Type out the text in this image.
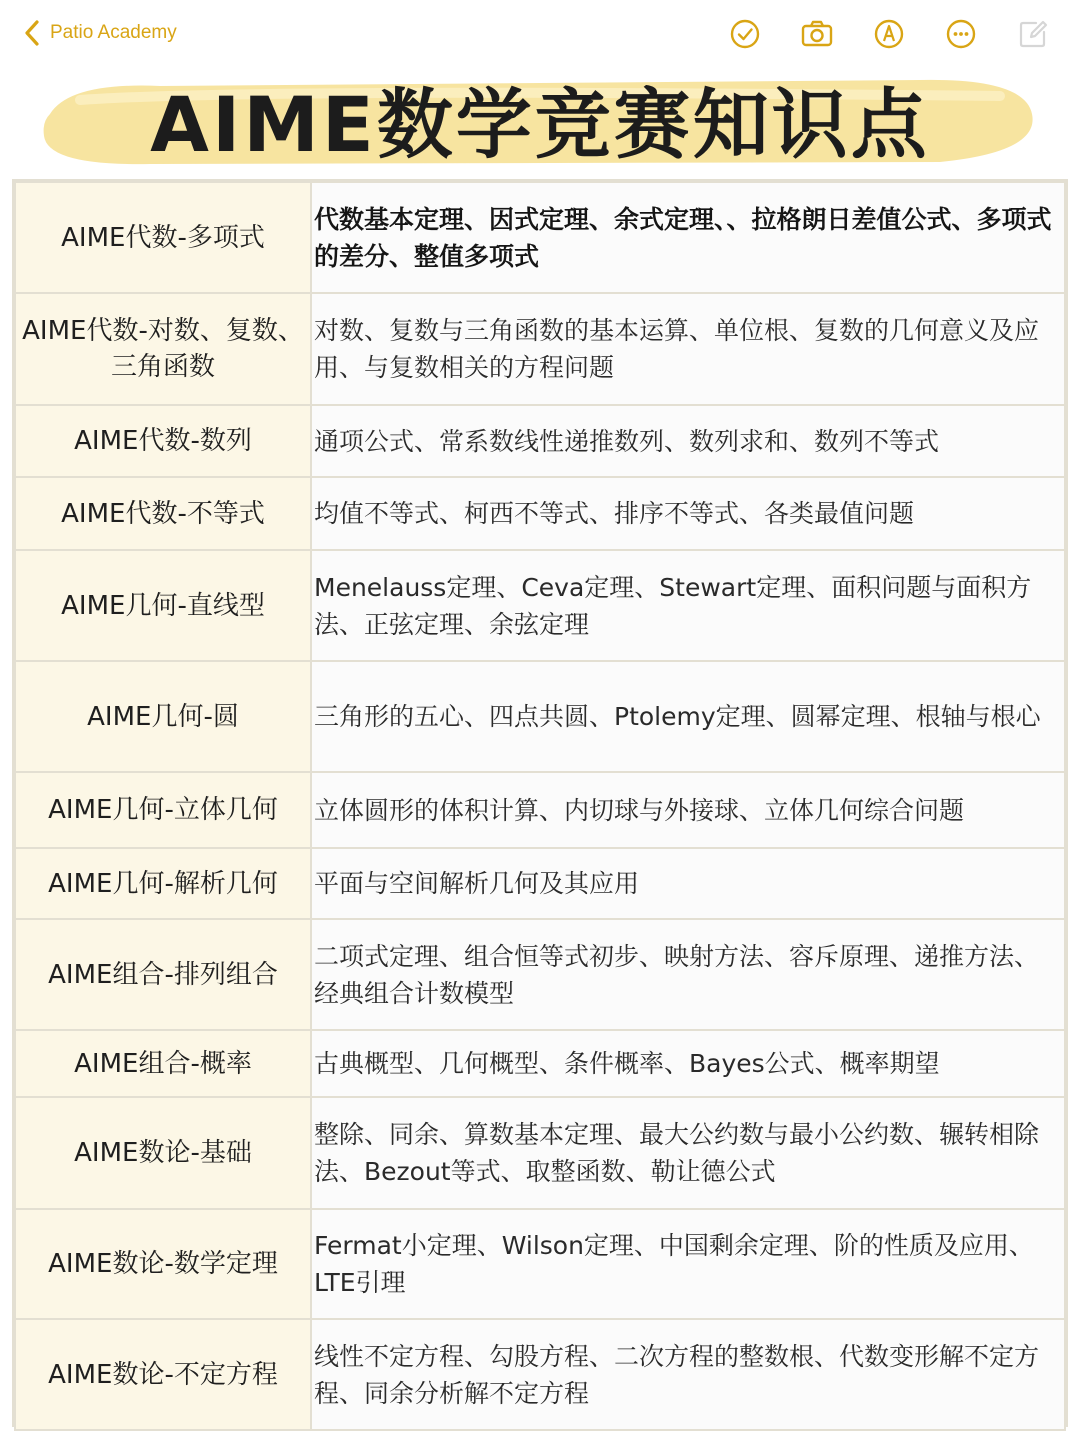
Patio Academy
AIME数学竞赛知识点
AIME代数-多项式	代数基本定理、因式定理、余式定理、、拉格朗日差值公式、多项式的差分、整值多项式
AIME代数-对数、复数、三角函数	对数、复数与三角函数的基本运算、单位根、复数的几何意义及应用、与复数相关的方程问题
AIME代数-数列	通项公式、常系数线性递推数列、数列求和、数列不等式
AIME代数-不等式	均值不等式、柯西不等式、排序不等式、各类最值问题
AIME几何-直线型	Menelauss定理、Ceva定理、Stewart定理、面积问题与面积方法、正弦定理、余弦定理
AIME几何-圆	三角形的五心、四点共圆、Ptolemy定理、圆幂定理、根轴与根心
AIME几何-立体几何	立体圆形的体积计算、内切球与外接球、立体几何综合问题
AIME几何-解析几何	平面与空间解析几何及其应用
AIME组合-排列组合	二项式定理、组合恒等式初步、映射方法、容斥原理、递推方法、经典组合计数模型
AIME组合-概率	古典概型、几何概型、条件概率、Bayes公式、概率期望
AIME数论-基础	整除、同余、算数基本定理、最大公约数与最小公约数、辗转相除法、Bezout等式、取整函数、勒让德公式
AIME数论-数学定理	Fermat小定理、Wilson定理、中国剩余定理、阶的性质及应用、LTE引理
AIME数论-不定方程	线性不定方程、勾股方程、二次方程的整数根、代数变形解不定方程、同余分析解不定方程
